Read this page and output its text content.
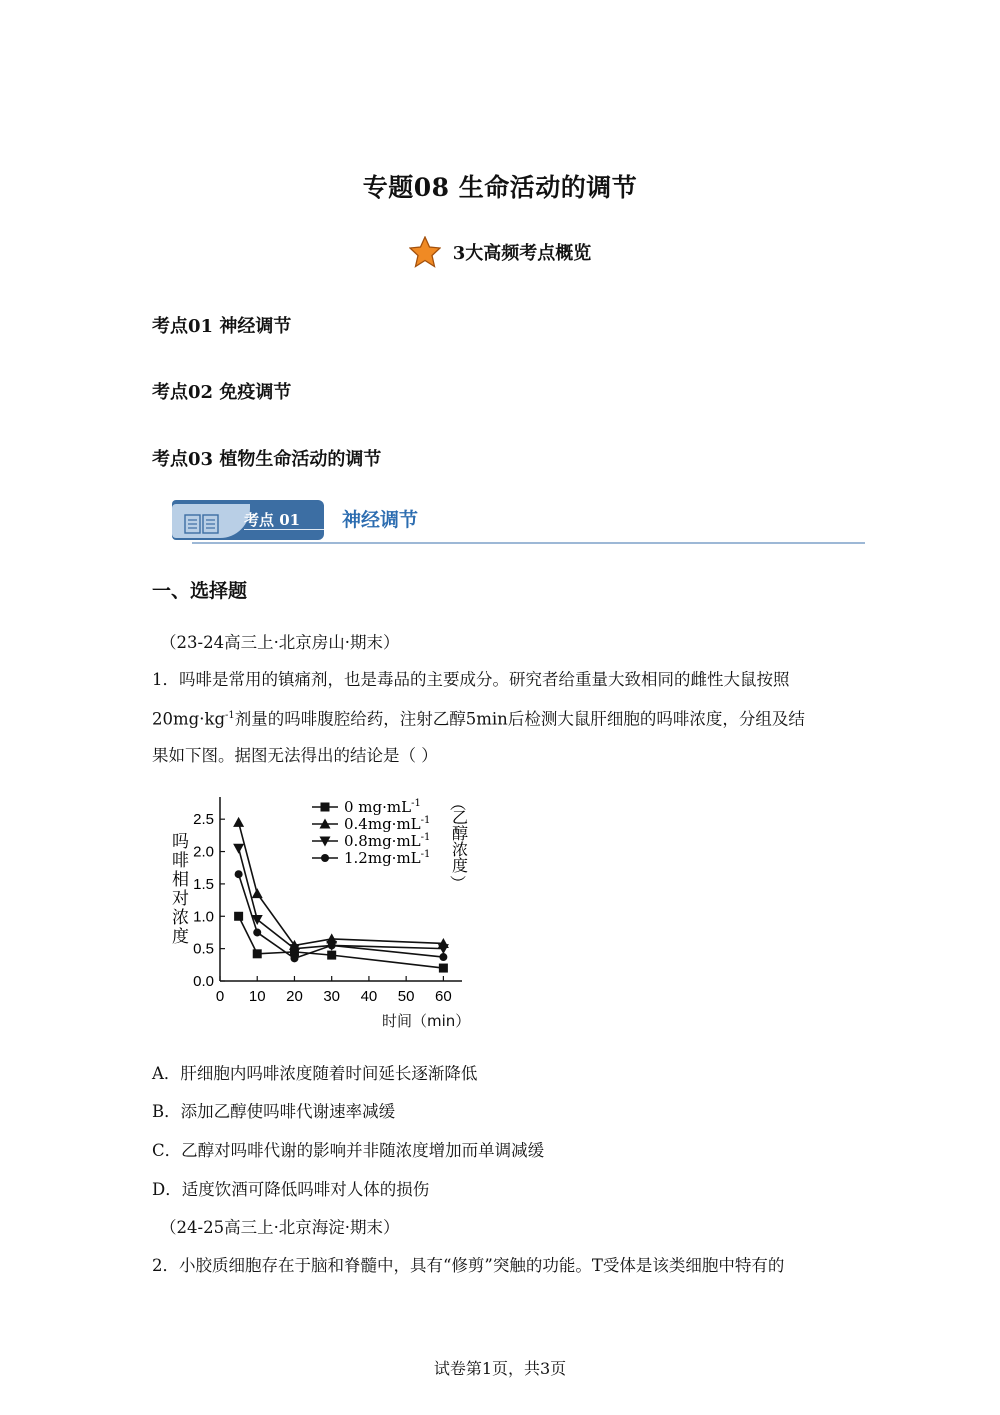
专题08 生命活动的调节
3大高频考点概览
考点01 神经调节
考点02 免疫调节
考点03 植物生命活动的调节
考点 01 神经调节
一、选择题
（23-24高三上·北京房山·期末）
1．吗啡是常用的镇痛剂，也是毒品的主要成分。研究者给重量大致相同的雌性大鼠按照
$20mg\cdot kg^{-1}$剂量的吗啡腹腔给药，注射乙醇5min后检测大鼠肝细胞的吗啡浓度，分组及结
果如下图。据图无法得出的结论是（ ）
时间（min）
0.0
0.5
1.0
1.5
2.0
2.5
0 10 20 30 40 50 60
0 $mg\cdot mL^{-1}$
$0.4mg\cdot mL^{-1}$
$0.8mg\cdot mL^{-1}$
$1.2mg\cdot mL^{-1}$
吗
啡
相
对
浓
度
（
乙
醇
浓
度
）
A．肝细胞内吗啡浓度随着时间延长逐渐降低
B．添加乙醇使吗啡代谢速率减缓
C．乙醇对吗啡代谢的影响并非随浓度增加而单调减缓
D．适度饮酒可降低吗啡对人体的损伤
（24-25高三上·北京海淀·期末）
2．小胶质细胞存在于脑和脊髓中，具有“修剪”突触的功能。T受体是该类细胞中特有的
试卷第1页，共3页
